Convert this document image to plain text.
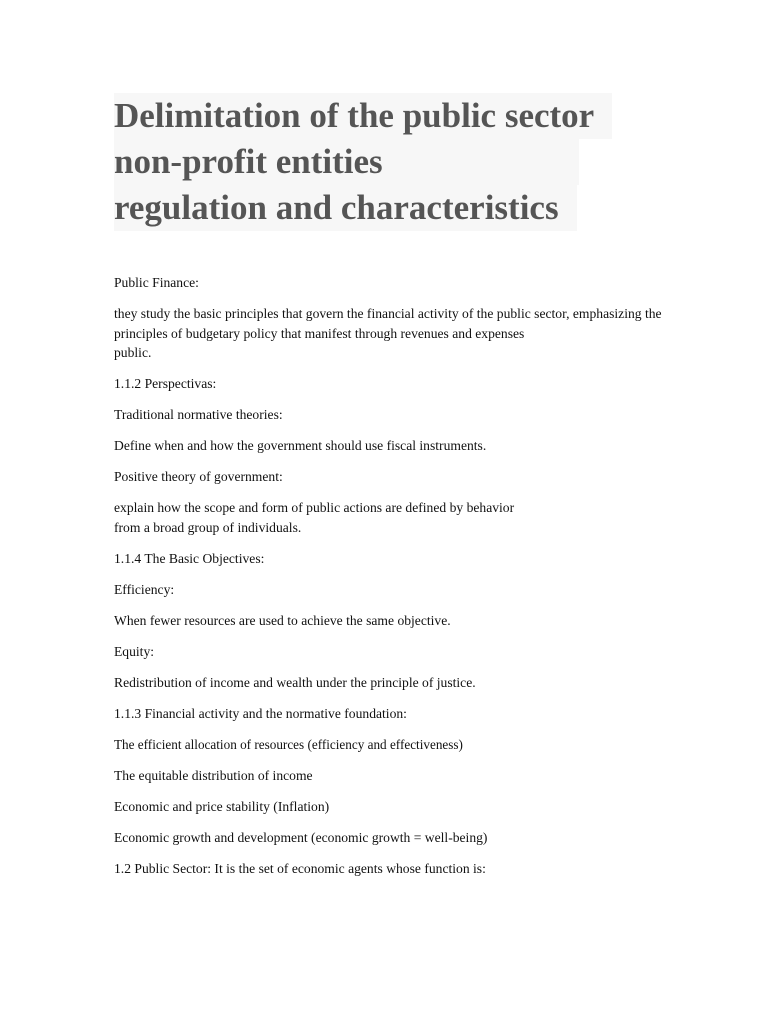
Delimitation of the public sector
non-profit entities
regulation and characteristics

Public Finance:

they study the basic principles that govern the financial activity of the public sector, emphasizing the principles of budgetary policy that manifest through revenues and expenses
public.

1.1.2 Perspectivas:

Traditional normative theories:

Define when and how the government should use fiscal instruments.

Positive theory of government:

explain how the scope and form of public actions are defined by behavior
from a broad group of individuals.

1.1.4 The Basic Objectives:

Efficiency:

When fewer resources are used to achieve the same objective.

Equity:

Redistribution of income and wealth under the principle of justice.

1.1.3 Financial activity and the normative foundation:

The efficient allocation of resources (efficiency and effectiveness)

The equitable distribution of income

Economic and price stability (Inflation)

Economic growth and development (economic growth = well-being)

1.2 Public Sector: It is the set of economic agents whose function is:
